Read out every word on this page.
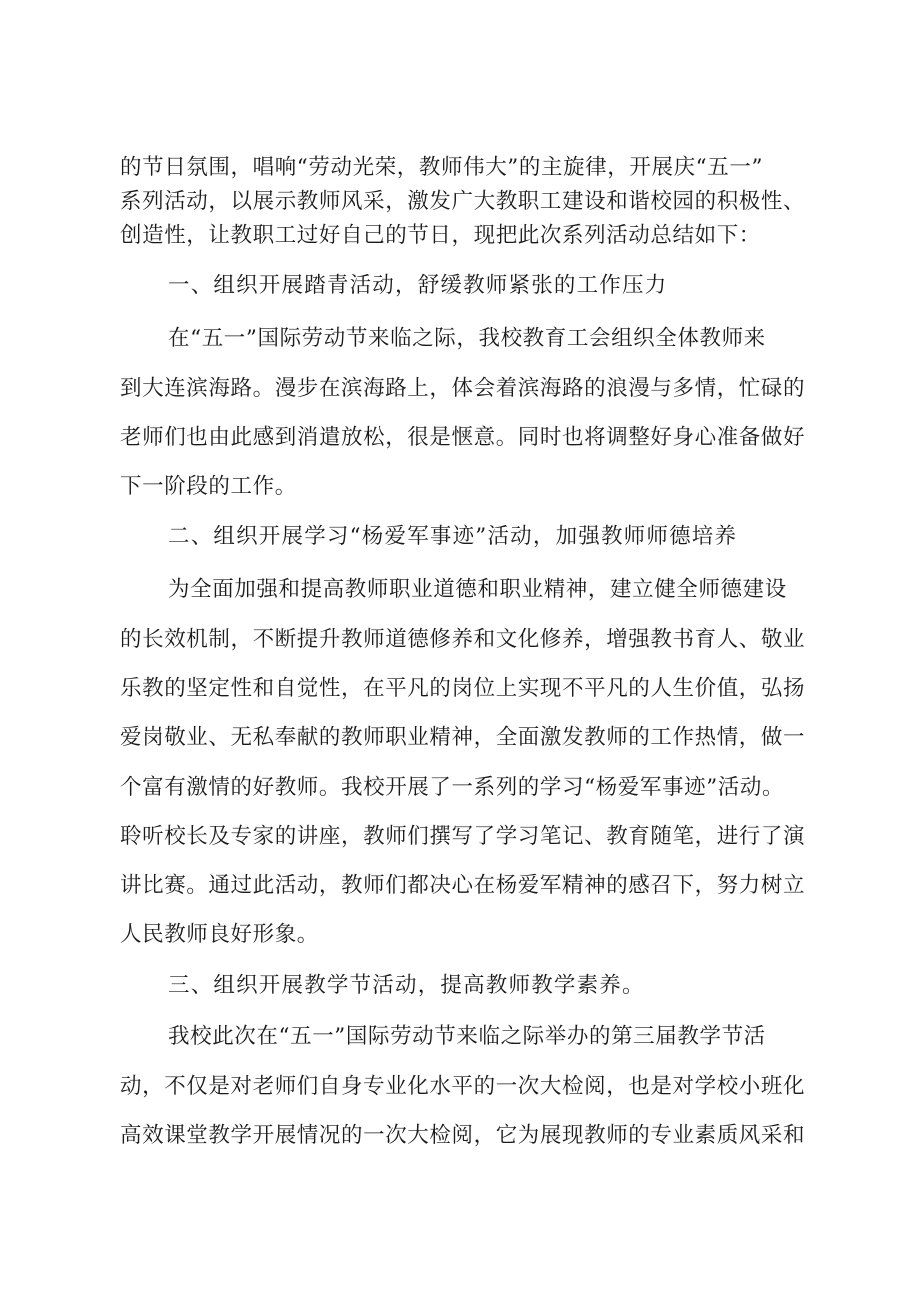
的节日氛围，唱响“劳动光荣，教师伟大”的主旋律，开展庆“五一”
系列活动，以展示教师风采，激发广大教职工建设和谐校园的积极性、
创造性，让教职工过好自己的节日，现把此次系列活动总结如下：
一、组织开展踏青活动，舒缓教师紧张的工作压力
在“五一”国际劳动节来临之际，我校教育工会组织全体教师来
到大连滨海路。漫步在滨海路上，体会着滨海路的浪漫与多情，忙碌的
老师们也由此感到消遣放松，很是惬意。同时也将调整好身心准备做好
下一阶段的工作。
二、组织开展学习“杨爱军事迹”活动，加强教师师德培养
为全面加强和提高教师职业道德和职业精神，建立健全师德建设
的长效机制，不断提升教师道德修养和文化修养，增强教书育人、敬业
乐教的坚定性和自觉性，在平凡的岗位上实现不平凡的人生价值，弘扬
爱岗敬业、无私奉献的教师职业精神，全面激发教师的工作热情，做一
个富有激情的好教师。我校开展了一系列的学习“杨爱军事迹”活动。
聆听校长及专家的讲座，教师们撰写了学习笔记、教育随笔，进行了演
讲比赛。通过此活动，教师们都决心在杨爱军精神的感召下，努力树立
人民教师良好形象。
三、组织开展教学节活动，提高教师教学素养。
我校此次在“五一”国际劳动节来临之际举办的第三届教学节活
动，不仅是对老师们自身专业化水平的一次大检阅，也是对学校小班化
高效课堂教学开展情况的一次大检阅，它为展现教师的专业素质风采和
